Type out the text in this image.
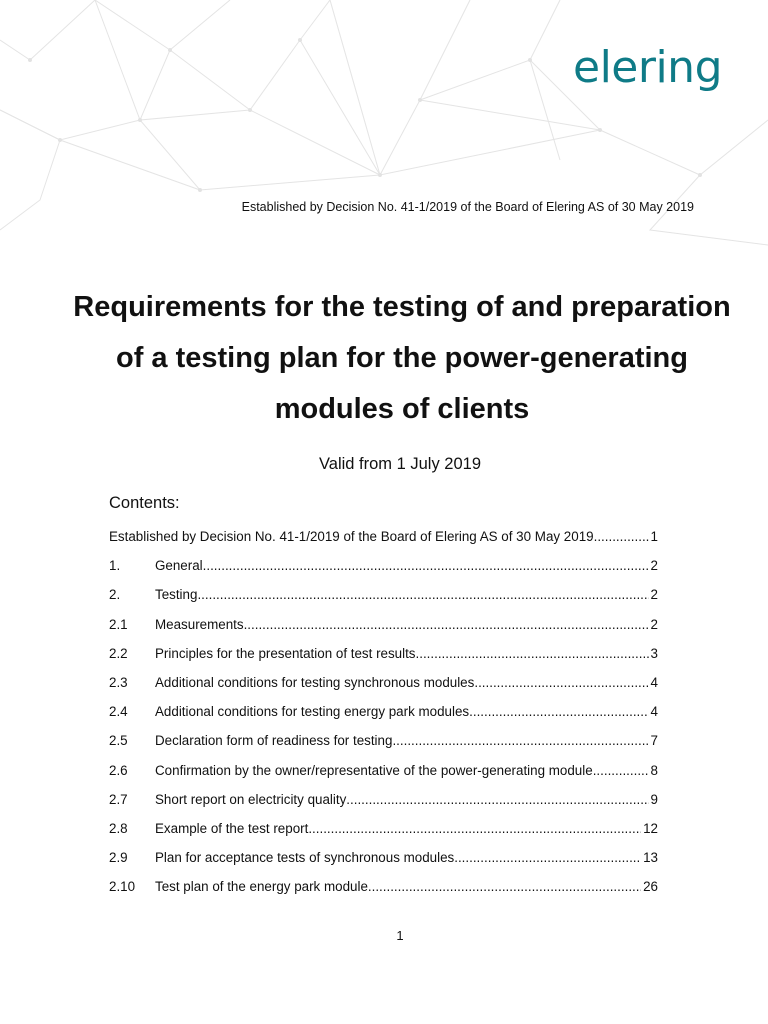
elering
Established by Decision No. 41-1/2019 of the Board of Elering AS of 30 May 2019
Requirements for the testing of and preparation of a testing plan for the power-generating modules of clients
Valid from 1 July 2019
Contents:
Established by Decision No. 41-1/2019 of the Board of Elering AS of 30 May 2019 .....	1
1.	General .....	2
2.	Testing .....	2
2.1	Measurements .....	2
2.2	Principles for the presentation of test results .....	3
2.3	Additional conditions for testing synchronous modules .....	4
2.4	Additional conditions for testing energy park modules .....	4
2.5	Declaration form of readiness for testing .....	7
2.6	Confirmation by the owner/representative of the power-generating module .....	8
2.7	Short report on electricity quality .....	9
2.8	Example of the test report .....	12
2.9	Plan for acceptance tests of synchronous modules .....	13
2.10	Test plan of the energy park module .....	26
1
